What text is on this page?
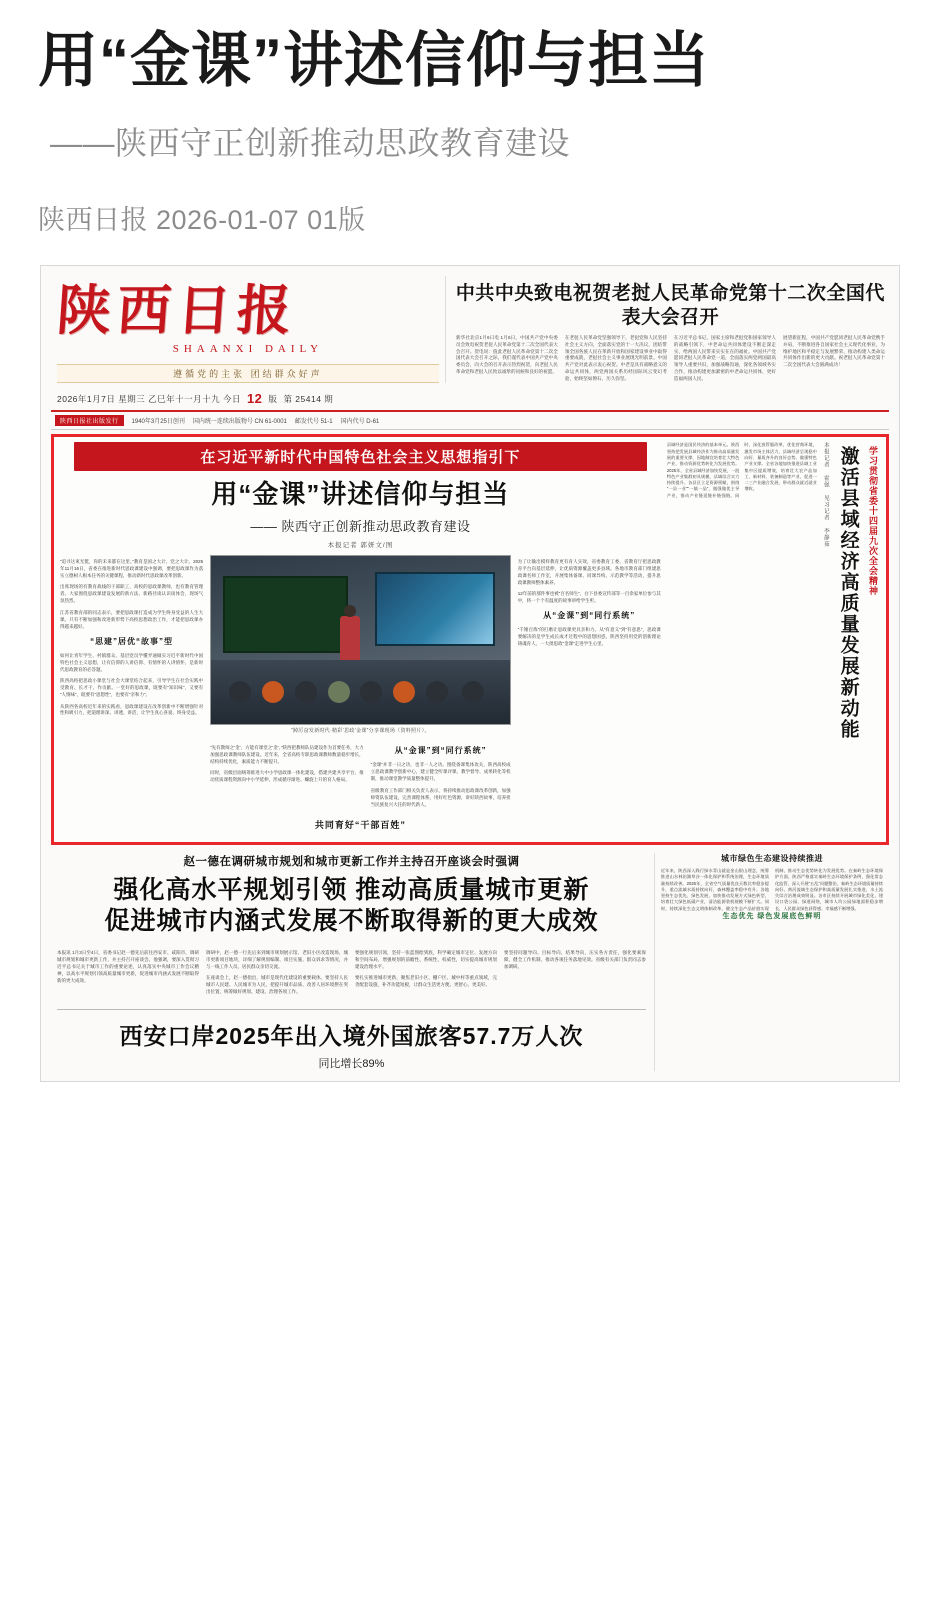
用“金课”讲述信仰与担当
——陕西守正创新推动思政教育建设
陕西日报 2026-01-07 01版
陕西日报
SHAANXI DAILY
遵循党的主张 团结群众好声
2026年1月7日 星期三 乙巳年十一月十九 今日 12 版 第 25414 期
中共中央致电祝贺老挝人民革命党第十二次全国代表大会召开
新华社北京1月6日电 1月6日，中国共产党中央委员会致电祝贺老挝人民革命党第十二次全国代表大会召开。贺电说：值此老挝人民革命党第十二次全国代表大会召开之际，我们谨代表中国共产党中央委员会，向大会的召开表示热烈祝贺，向老挝人民革命党和老挝人民致以诚挚的问候和良好的祝愿。
在老挝人民革命党坚强领导下，老挝党和人民坚持社会主义方向，全面落实党的十一大决议，团结带领全国各族人民在革新开放和国家建设事业中取得重要成就，老挝社会主义事业展现光明前景。中国共产党对此表示衷心祝贺。中老是具有战略意义的命运共同体，两党两国关系历经国际风云变幻考验，始终坚如磐石、历久弥坚。
在习近平总书记、国家主席和老挝党和国家领导人的战略引领下，中老命运共同体建设不断走深走实，给两国人民带来实实在在的福祉。中国共产党愿同老挝人民革命党一道，全面落实两党两国最高领导人重要共识，加强战略沟通，深化各领域务实合作，推动构建更加紧密的中老命运共同体，更好造福两国人民。
展望新征程，中国共产党愿同老挝人民革命党携手并肩，不断推进各自国家社会主义现代化事业，为维护地区和平稳定与发展繁荣、推动构建人类命运共同体作出新的更大贡献。祝老挝人民革命党第十二次全国代表大会圆满成功！
陕西日报社出版发行	1940年3月25日创刊 国内统一连续出版物号 CN 61-0001 邮发代号 51-1 国内代号 D-61
在习近平新时代中国特色社会主义思想指引下
用“金课”讲述信仰与担当
—— 陕西守正创新推动思政教育建设
本报记者 郭妍文/图

“追寻这束光挺，你的未来都在这里。”教育是国之大计、党之大计。2025年11月16日，省委在推进新时代思政课建设中强调，要把思政课作为落实立德树人根本任务的关键课程，推动新时代思政课改革创新。

出席现场的有教育战线的干部职工，高校的思政课教师，也有教育管理者。大家围绕思政课建设发展的新方法、新路径谈认识谈体会，现场气氛热烈。

江苏省教育部的同志表示，要把思政课打造成为学生终身受益的人生大课。只有不断加强和改进新形势下高校思想政治工作，才能把思政课办得越来越好。

“思建”居优“故事”型

如何让青年学生、村镇群众、基层党员学懂弄通做实习近平新时代中国特色社会主义思想，让有信仰的人讲信仰、有情怀的人讲情怀，是新时代思政教育的必答题。

陕西高校把思政小课堂与社会大课堂结合起来，引导学生在社会实践中受教育、长才干、作贡献。一堂好的思政课，既要有“知识味”，又要有“人情味”，既要有“思想性”，也要有“亲和力”。

从陕西各高校近年来的实践看，思政课建设在改革创新中不断增强针对性和吸引力，把道理讲深、讲透、讲活，让学生真心喜爱、终身受益。

“踔厉奋发新时代·精彩‘思政’金课”分享课现场（资料照片）。

“先有教师之‘金’，方能有课堂之‘金’。”陕西把教师队伍建设作为首要任务，大力加强思政课教师队伍建设。近年来，全省高校专职思政课教师数量稳步增长，结构持续优化，素质能力不断提升。

同时，省级层面统筹推进大中小学思政课一体化建设，搭建共建共享平台，推动优质课程资源向中小学延伸，形成循序渐进、螺旋上升的育人格局。

从“金课”到“同行系统”

“金课”并非一日之功，也非一人之功。围绕备课集体攻关，陕西高校成立思政课教学创新中心，建立健全听课评课、教学督导、成果转化等机制，推动课堂教学质量整体提升。

省级教育工作部门相关负责人表示，将持续推动思政课改革创新，加强师资队伍建设，完善课程体系，用好红色资源，讲好陕西故事，培养担当民族复兴大任的时代新人。

共同育好“干部百姓”

为了让输出模样教育更有育人实效，省委教育工委、省教育厅把思政教育平台向基层延伸，让优质资源覆盖更多县域。各地市教育部门组建思政课名师工作室，开展集体备课、同课异构、示范教学等活动，提升思政课教师整体素养。

12年前的那件事也被“百名师生”，白下县委宣传部等一百余家单位参与其中，将一个个有温度的故事讲给学生听。

从“金课”到“同行系统”

“千锤百炼”的打磨让思政课更具亲和力。从“有意义”到“有意思”，思政课要解决的是学生成长成才过程中的思想困惑。陕西坚持用党的创新理论铸魂育人，一大批思政“金课”走进学生心里。

县域经济是国民经济的基本单元。陕西坚持把发展县域经济作为推动高质量发展的重要支撑，因地制宜培育壮大特色产业，推动资源优势转化为发展优势。2025年，全省县域经济加快发展，一批特色产业集群初具规模，县域综合实力持续提升。各县区立足资源禀赋，围绕“一县一业”“一镇一品”，做强做优主导产业，推动产业链延链补链强链。同时，深化放管服改革，优化营商环境，激发市场主体活力，县域经济呈现稳中向好、量质齐升的良好态势。做强特色产业支撑。全省各地加快推进县域工业集中区提质增效，培育壮大农产品加工、新材料、装备制造等产业，促进一二三产业融合发展，带动群众就近就业增收。	本报记者 霍强 见习记者 李静茹 激活县域经济高质量发展新动能 学习贯彻省委十四届九次全会精神
赵一德在调研城市规划和城市更新工作并主持召开座谈会时强调
强化高水平规划引领 推动高质量城市更新
促进城市内涵式发展不断取得新的更大成效

本报讯 1月3日至4日，省委书记赵一德先后前往西安市、咸阳市，调研城市规划和城市更新工作，并主持召开座谈会。他强调，要深入贯彻习近平总书记关于城市工作的重要论述，认真落实中央城市工作会议精神，以高水平规划引领高质量城市更新，促进城市内涵式发展不断取得新的更大成效。

调研中，赵一德一行先后来到城市规划展示馆、老旧小区改造现场、城市更新项目地块，详细了解规划编制、项目实施、群众诉求等情况，并与一线工作人员、居民群众亲切交流。

在座谈会上，赵一德指出，城市是现代化建设的重要载体。要坚持人民城市人民建、人民城市为人民，把提升城市品质、改善人居环境摆在突出位置，统筹做好规划、建设、治理各项工作。

要强化规划引领，坚持一张蓝图绘到底，科学确定城市定位、发展方向和空间布局，增强规划的前瞻性、系统性、权威性，切实提高城市规划建设治理水平。

要扎实推进城市更新，聚焦老旧小区、棚户区、城中村等重点领域，完善配套设施，补齐功能短板，让群众生活更方便、更舒心、更美好。

要坚持问题导向、目标导向、结果导向，压实各方责任，强化要素保障，健全工作机制，推动各项任务落地见效。省级有关部门负责同志参加调研。

西安口岸2025年出入境外国旅客57.7万人次
同比增长89%
城市绿色生态建设持续推进
近年来，陕西深入践行绿水青山就是金山银山理念，统筹推进山水林田湖草沙一体化保护和系统治理，生态环境质量持续改善。2025年，全省空气质量优良天数比率稳步提升，重点流域水质持续向好，森林覆盖率稳中有升。各地坚持生态优先、绿色发展，加快推动发展方式绿色转型，培育壮大绿色低碳产业，清洁能源装机规模不断扩大。同时，持续深化生态文明体制改革，健全生态产品价值实现机制，推动生态优势转化为发展优势。在秦岭生态环境保护方面，陕西严格落实秦岭生态环境保护条例，强化常态化监管，深入开展“五乱”问题整治，秦岭生态环境质量持续向好。黄河流域生态保护和高质量发展扎实推进，水土流失综合治理成效明显。各市区持续开展城市绿化美化，建设口袋公园、绿道网络，城市人均公园绿地面积稳步增长，人民群众绿色获得感、幸福感不断增强。
生态优先 绿色发展底色鲜明
